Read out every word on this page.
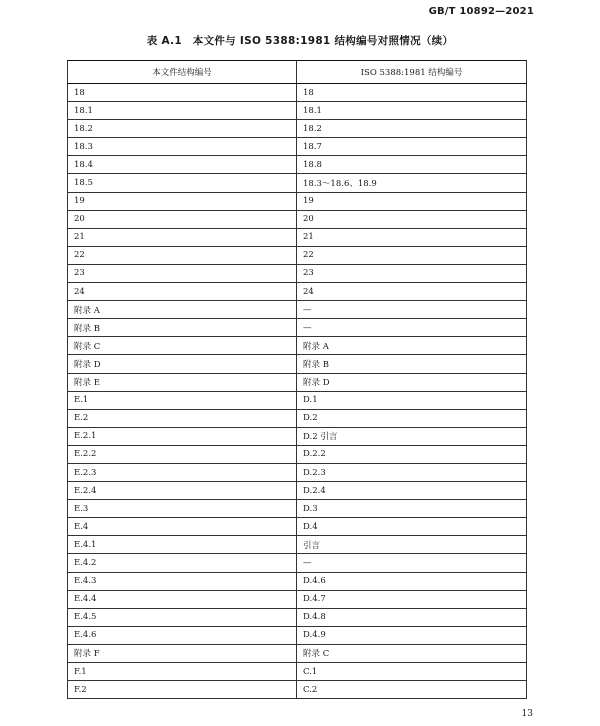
GB/T 10892—2021
表 A.1　本文件与 ISO 5388:1981 结构编号对照情况（续）
本文件结构编号	ISO 5388:1981 结构编号
18	18
18.1	18.1
18.2	18.2
18.3	18.7
18.4	18.8
18.5	18.3～18.6、18.9
19	19
20	20
21	21
22	22
23	23
24	24
附录 A	—
附录 B	—
附录 C	附录 A
附录 D	附录 B
附录 E	附录 D
E.1	D.1
E.2	D.2
E.2.1	D.2 引言
E.2.2	D.2.2
E.2.3	D.2.3
E.2.4	D.2.4
E.3	D.3
E.4	D.4
E.4.1	引言
E.4.2	—
E.4.3	D.4.6
E.4.4	D.4.7
E.4.5	D.4.8
E.4.6	D.4.9
附录 F	附录 C
F.1	C.1
F.2	C.2
13
